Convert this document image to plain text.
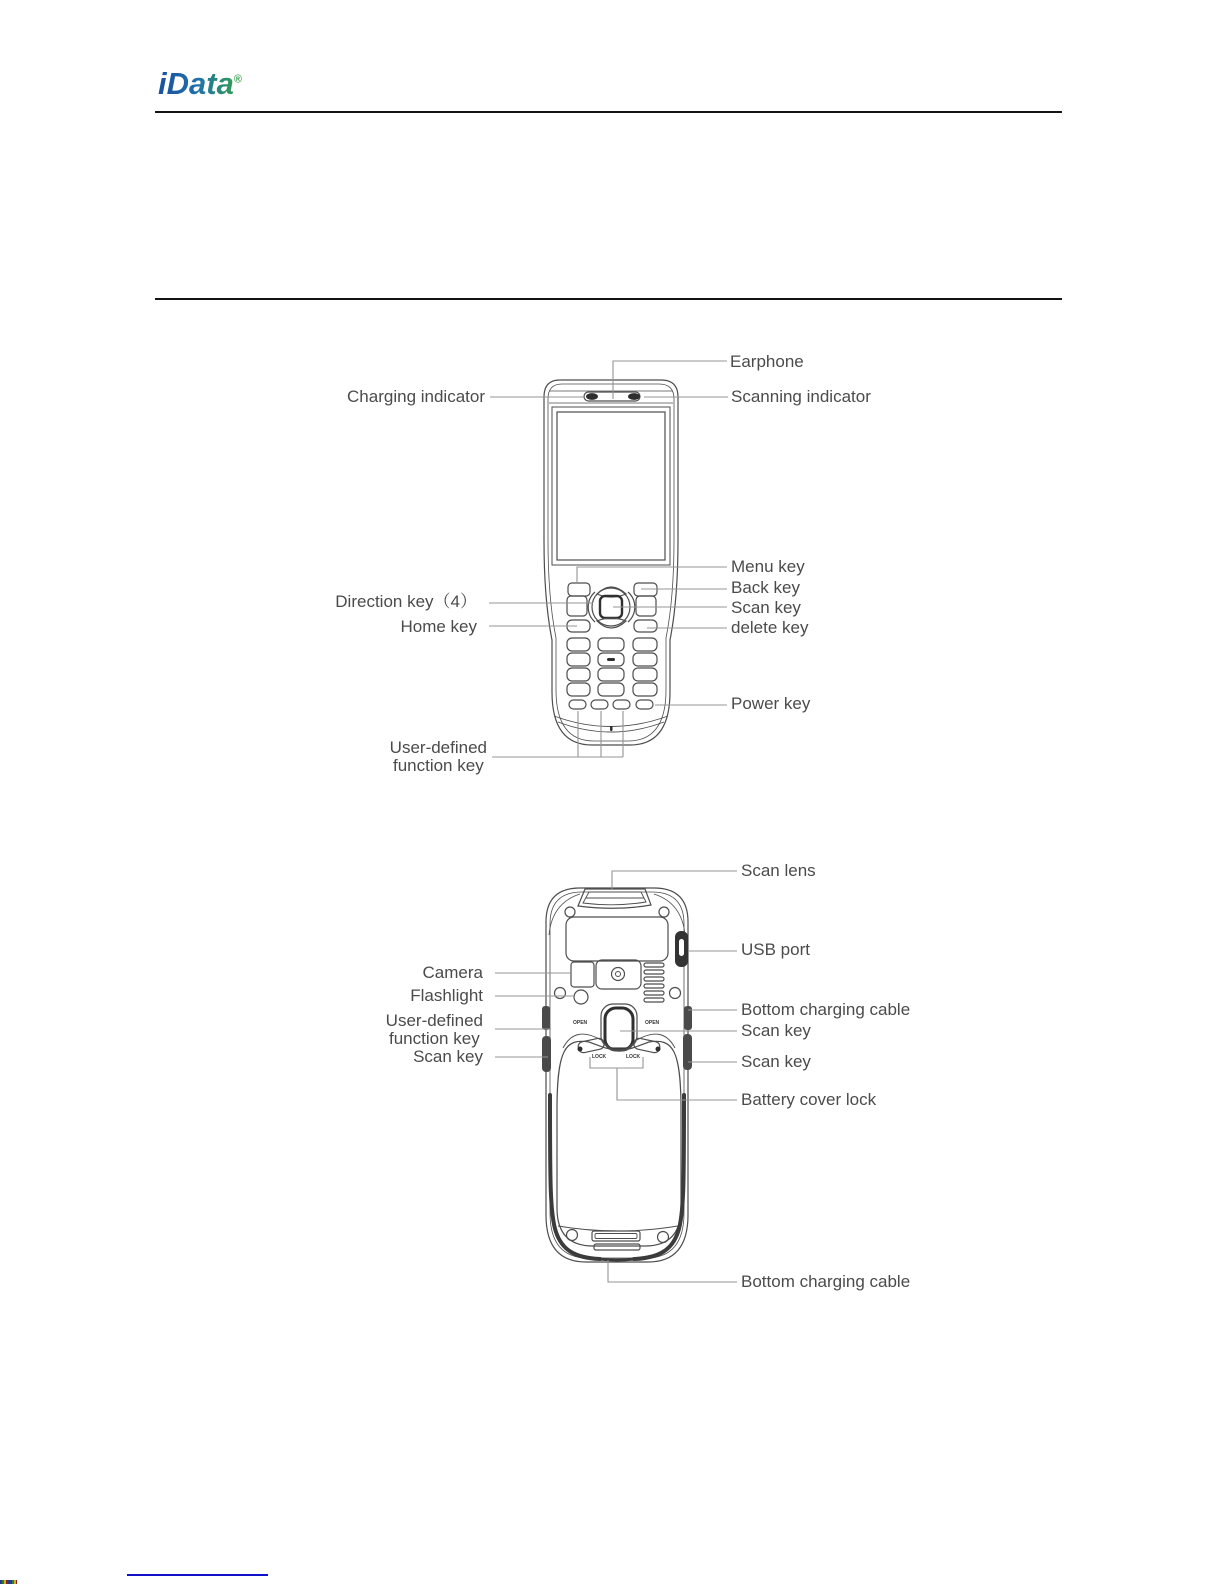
iData®
OPEN	OPEN
LOCK	LOCK
Charging indicator
Earphone
Scanning indicator
Menu key
Back key
Scan key
delete key
Direction key（4）
Home key
Power key
User-defined
function key
Scan lens
USB port
Camera
Flashlight
User-defined
function key
Scan key
Bottom charging cable
Scan key
Scan key
Battery cover lock
Bottom charging cable
